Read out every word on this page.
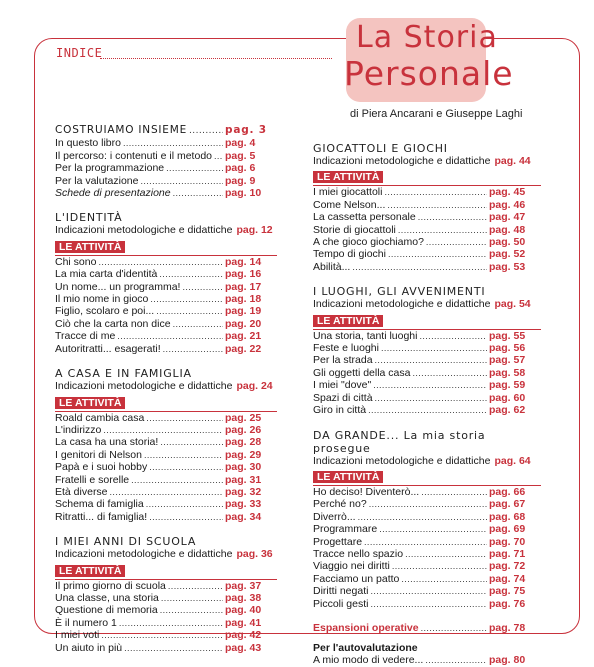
INDICE	La Storia
Personale
di Piera Ancarani e Giuseppe Laghi
COSTRUIAMO INSIEME .....	pag. 3
In questo libro .....	pag. 4
Il percorso: i contenuti e il metodo ..... pag. 5
Per la programmazione .....	pag. 6
Per la valutazione .....	pag. 9
Schede di presentazione .....	pag. 10
L'IDENTITÀ
Indicazioni metodologiche e didattiche pag. 12
LE ATTIVITÀ
Chi sono .....	pag. 14
La mia carta d'identità .....	pag. 16
Un nome... un programma! .....	pag. 17
Il mio nome in gioco .....	pag. 18
Figlio, scolaro e poi... .....	pag. 19
Ciò che la carta non dice .....	pag. 20
Tracce di me .....	pag. 21
Autoritratti... esagerati! .....	pag. 22
A CASA E IN FAMIGLIA
Indicazioni metodologiche e didattiche pag. 24
LE ATTIVITÀ
Roald cambia casa .....	pag. 25
L'indirizzo .....	pag. 26
La casa ha una storia! .....	pag. 28
I genitori di Nelson .....	pag. 29
Papà e i suoi hobby .....	pag. 30
Fratelli e sorelle .....	pag. 31
Età diverse .....	pag. 32
Schema di famiglia .....	pag. 33
Ritratti... di famiglia! .....	pag. 34
I MIEI ANNI DI SCUOLA
Indicazioni metodologiche e didattiche pag. 36
LE ATTIVITÀ
Il primo giorno di scuola .....	pag. 37
Una classe, una storia .....	pag. 38
Questione di memoria .....	pag. 40
È il numero 1 .....	pag. 41
I miei voti .....	pag. 42
Un aiuto in più .....	pag. 43
GIOCATTOLI E GIOCHI
Indicazioni metodologiche e didattiche pag. 44
LE ATTIVITÀ
I miei giocattoli .....	pag. 45
Come Nelson... .....	pag. 46
La cassetta personale .....	pag. 47
Storie di giocattoli .....	pag. 48
A che gioco giochiamo? .....	pag. 50
Tempo di giochi .....	pag. 52
Abilità... .....	pag. 53
I LUOGHI, GLI AVVENIMENTI
Indicazioni metodologiche e didattiche pag. 54
LE ATTIVITÀ
Una storia, tanti luoghi .....	pag. 55
Feste e luoghi .....	pag. 56
Per la strada .....	pag. 57
Gli oggetti della casa .....	pag. 58
I miei "dove" .....	pag. 59
Spazi di città .....	pag. 60
Giro in città .....	pag. 62
DA GRANDE... La mia storia prosegue
Indicazioni metodologiche e didattiche pag. 64
LE ATTIVITÀ
Ho deciso! Diventerò... .....	pag. 66
Perché no? .....	pag. 67
Diverrò... .....	pag. 68
Programmare .....	pag. 69
Progettare .....	pag. 70
Tracce nello spazio .....	pag. 71
Viaggio nei diritti .....	pag. 72
Facciamo un patto .....	pag. 74
Diritti negati .....	pag. 75
Piccoli gesti .....	pag. 76
Espansioni operative .....	pag. 78
Per l'autovalutazione
A mio modo di vedere... .....	pag. 80
